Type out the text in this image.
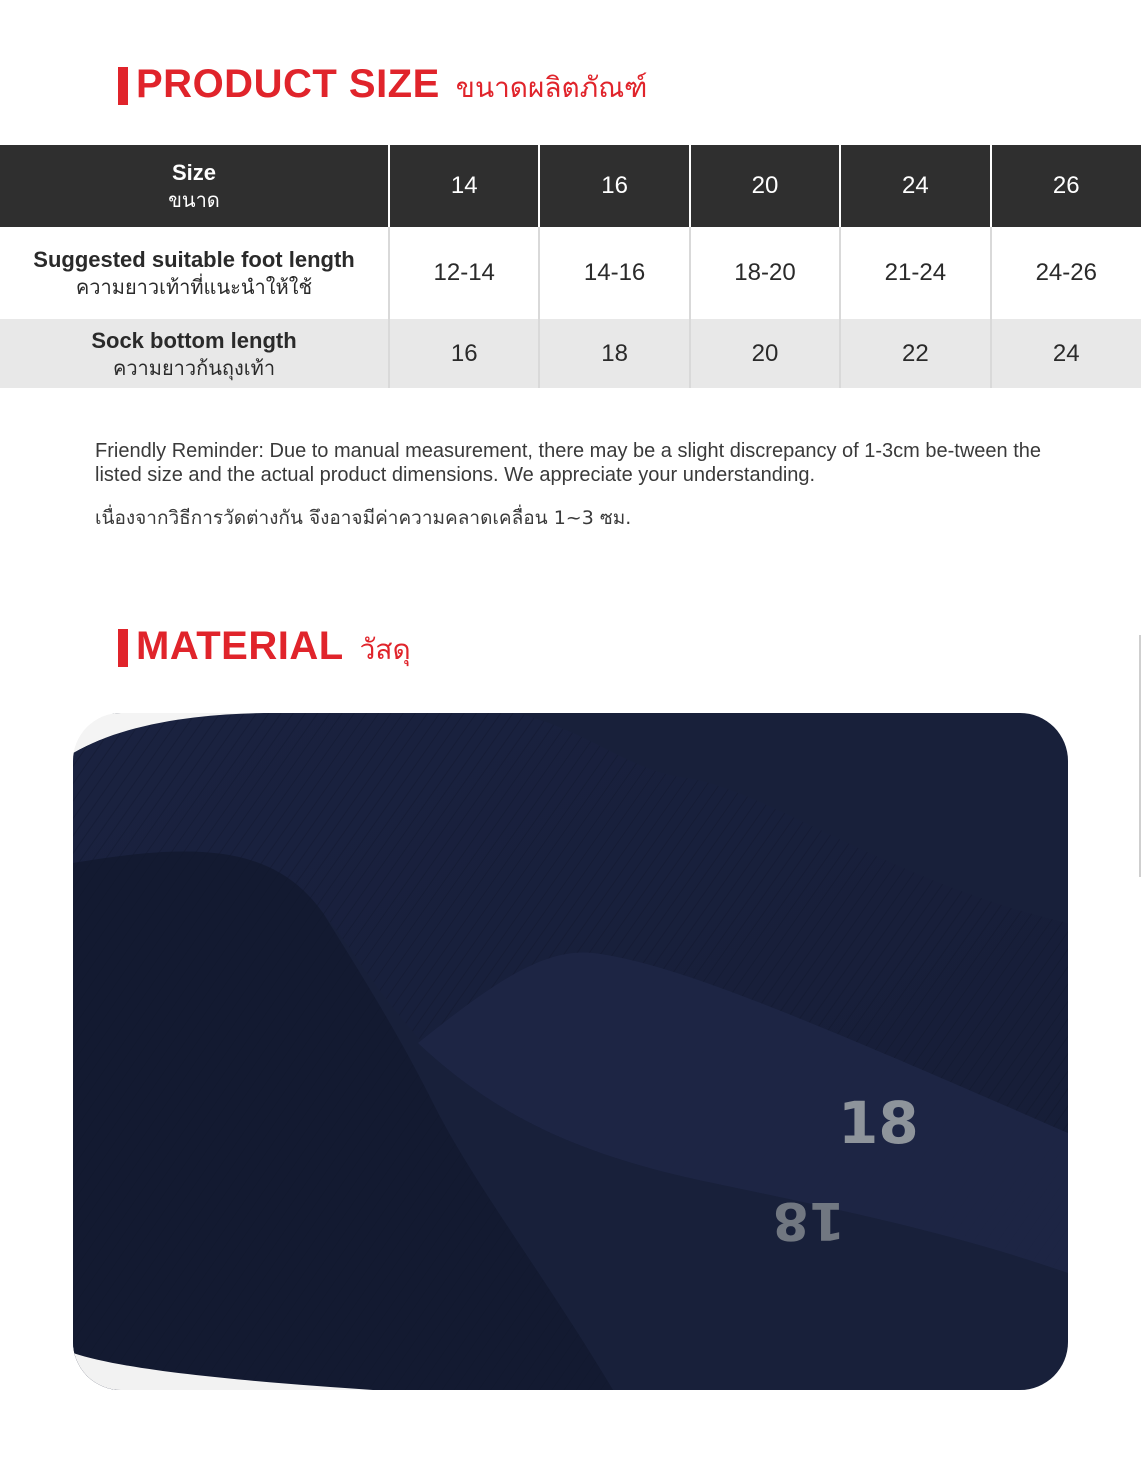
PRODUCT SIZE ขนาดผลิตภัณฑ์
Size
ขนาด	14	16	20	24	26

Suggested suitable foot length
ความยาวเท้าที่แนะนำให้ใช้	12-14	14-16	18-20	21-24	24-26

Sock bottom length
ความยาวก้นถุงเท้า	16	18	20	22	24
Friendly Reminder: Due to manual measurement, there may be a slight discrepancy of 1-3cm be-tween the listed size and the actual product dimensions. We appreciate your understanding.
เนื่องจากวิธีการวัดต่างกัน จึงอาจมีค่าความคลาดเคลื่อน 1~3 ซม.
MATERIAL วัสดุ
18
18
